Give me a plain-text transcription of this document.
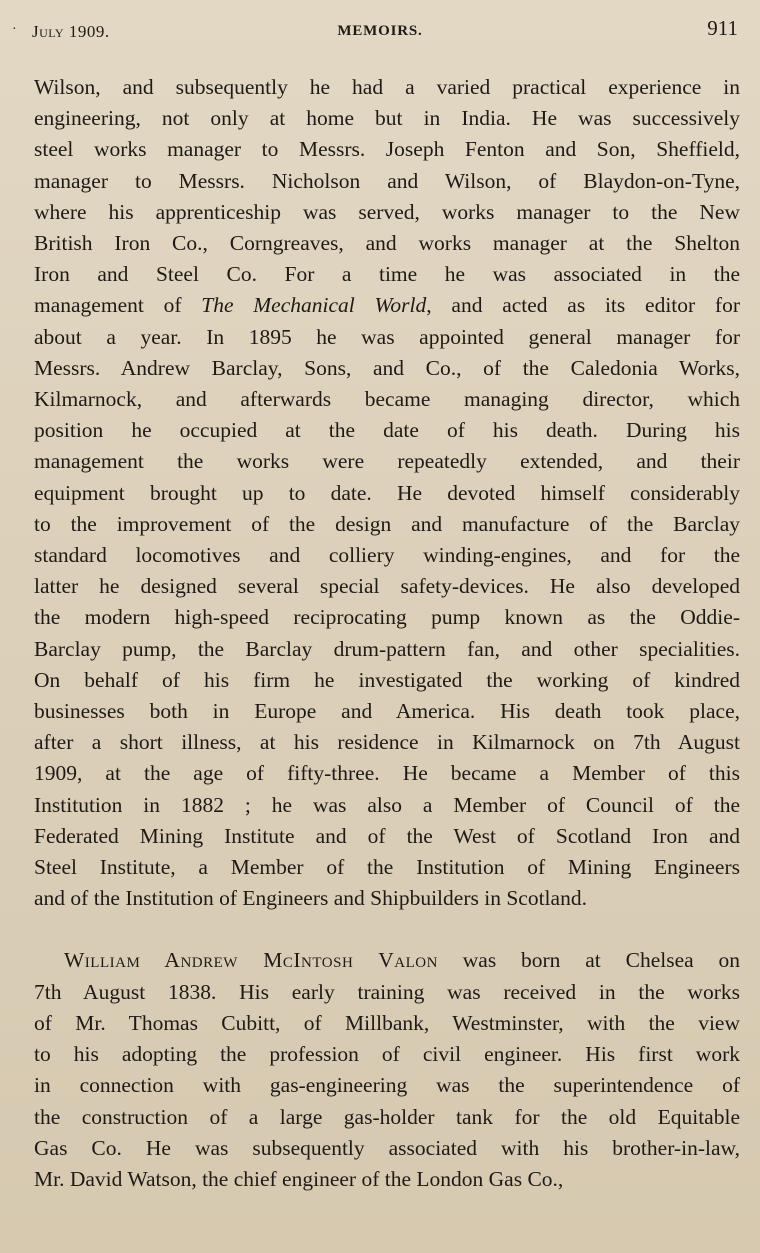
· July 1909.	MEMOIRS.	911

Wilson, and subsequently he had a varied practical experience in
engineering, not only at home but in India. He was successively
steel works manager to Messrs. Joseph Fenton and Son, Sheffield,
manager to Messrs. Nicholson and Wilson, of Blaydon-on-Tyne,
where his apprenticeship was served, works manager to the New
British Iron Co., Corngreaves, and works manager at the Shelton
Iron and Steel Co. For a time he was associated in the
management of The Mechanical World, and acted as its editor for
about a year. In 1895 he was appointed general manager for
Messrs. Andrew Barclay, Sons, and Co., of the Caledonia Works,
Kilmarnock, and afterwards became managing director, which
position he occupied at the date of his death. During his
management the works were repeatedly extended, and their
equipment brought up to date. He devoted himself considerably
to the improvement of the design and manufacture of the Barclay
standard locomotives and colliery winding-engines, and for the
latter he designed several special safety-devices. He also developed
the modern high-speed reciprocating pump known as the Oddie-
Barclay pump, the Barclay drum-pattern fan, and other specialities.
On behalf of his firm he investigated the working of kindred
businesses both in Europe and America. His death took place,
after a short illness, at his residence in Kilmarnock on 7th August
1909, at the age of fifty-three. He became a Member of this
Institution in 1882 ; he was also a Member of Council of the
Federated Mining Institute and of the West of Scotland Iron and
Steel Institute, a Member of the Institution of Mining Engineers
and of the Institution of Engineers and Shipbuilders in Scotland.

William Andrew McIntosh Valon was born at Chelsea on
7th August 1838. His early training was received in the works
of Mr. Thomas Cubitt, of Millbank, Westminster, with the view
to his adopting the profession of civil engineer. His first work
in connection with gas-engineering was the superintendence of
the construction of a large gas-holder tank for the old Equitable
Gas Co. He was subsequently associated with his brother-in-law,
Mr. David Watson, the chief engineer of the London Gas Co.,
